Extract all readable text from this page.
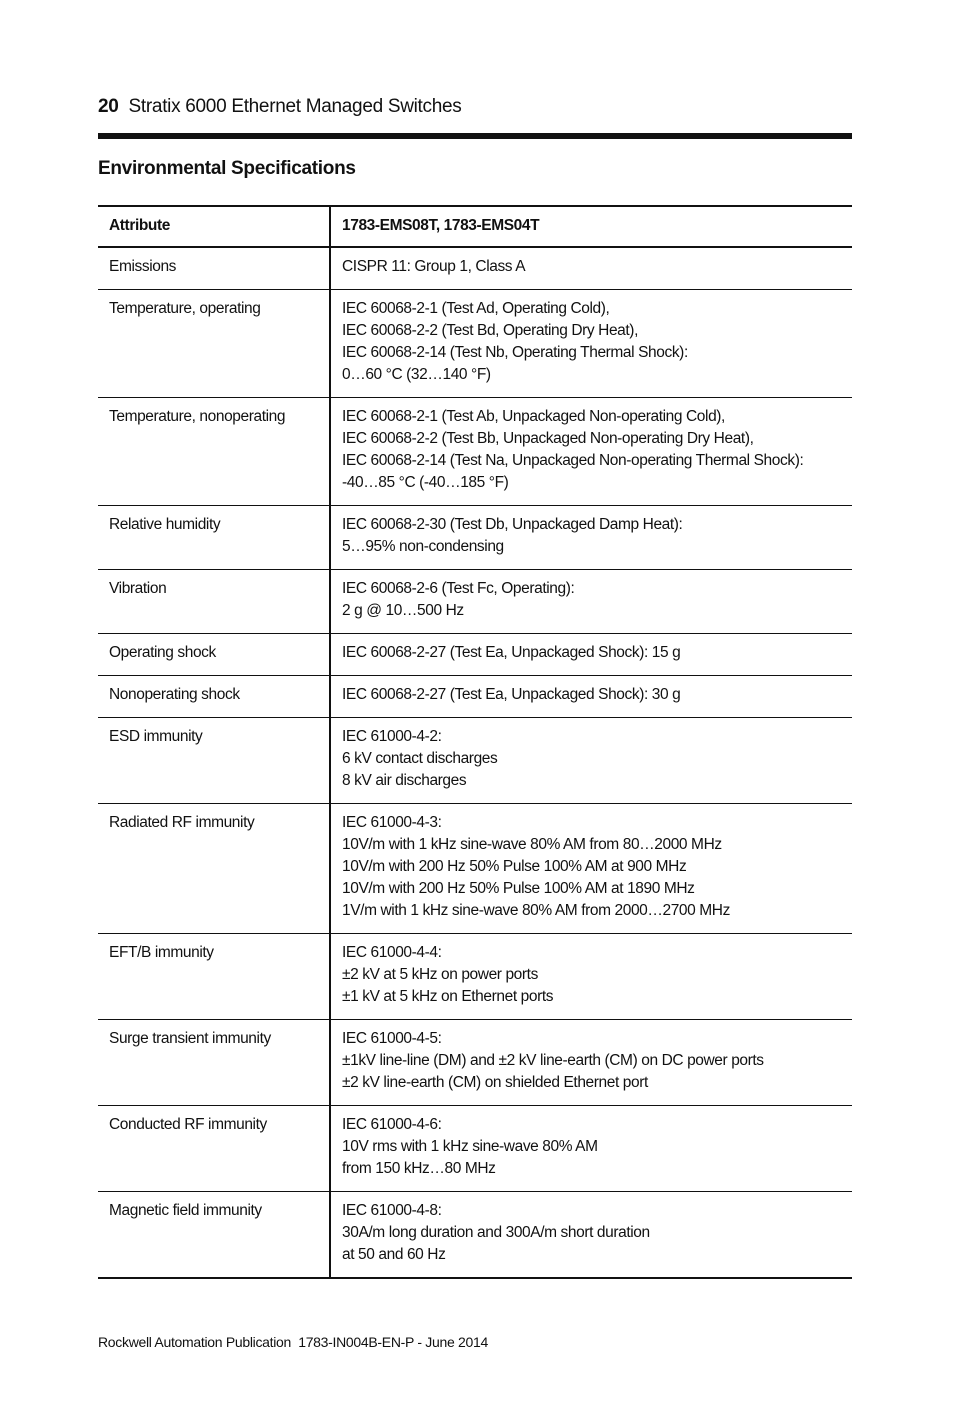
20 Stratix 6000 Ethernet Managed Switches
Environmental Specifications
Attribute	1783-EMS08T, 1783-EMS04T
Emissions	CISPR 11: Group 1, Class A

Temperature, operating	IEC 60068-2-1 (Test Ad, Operating Cold),
IEC 60068-2-2 (Test Bd, Operating Dry Heat),
IEC 60068-2-14 (Test Nb, Operating Thermal Shock):
0…60 °C (32…140 °F)

Temperature, nonoperating	IEC 60068-2-1 (Test Ab, Unpackaged Non-operating Cold),
IEC 60068-2-2 (Test Bb, Unpackaged Non-operating Dry Heat),
IEC 60068-2-14 (Test Na, Unpackaged Non-operating Thermal Shock):
-40…85 °C (-40…185 °F)

Relative humidity	IEC 60068-2-30 (Test Db, Unpackaged Damp Heat):
5…95% non-condensing

Vibration	IEC 60068-2-6 (Test Fc, Operating):
2 g @ 10…500 Hz

Operating shock	IEC 60068-2-27 (Test Ea, Unpackaged Shock): 15 g

Nonoperating shock	IEC 60068-2-27 (Test Ea, Unpackaged Shock): 30 g

ESD immunity	IEC 61000-4-2:
6 kV contact discharges
8 kV air discharges

Radiated RF immunity	IEC 61000-4-3:
10V/m with 1 kHz sine-wave 80% AM from 80…2000 MHz
10V/m with 200 Hz 50% Pulse 100% AM at 900 MHz
10V/m with 200 Hz 50% Pulse 100% AM at 1890 MHz
1V/m with 1 kHz sine-wave 80% AM from 2000…2700 MHz

EFT/B immunity	IEC 61000-4-4:
±2 kV at 5 kHz on power ports
±1 kV at 5 kHz on Ethernet ports

Surge transient immunity	IEC 61000-4-5:
±1kV line-line (DM) and ±2 kV line-earth (CM) on DC power ports
±2 kV line-earth (CM) on shielded Ethernet port

Conducted RF immunity	IEC 61000-4-6:
10V rms with 1 kHz sine-wave 80% AM
from 150 kHz…80 MHz

Magnetic field immunity	IEC 61000-4-8:
30A/m long duration and 300A/m short duration
at 50 and 60 Hz
Rockwell Automation Publication  1783-IN004B-EN-P - June 2014
